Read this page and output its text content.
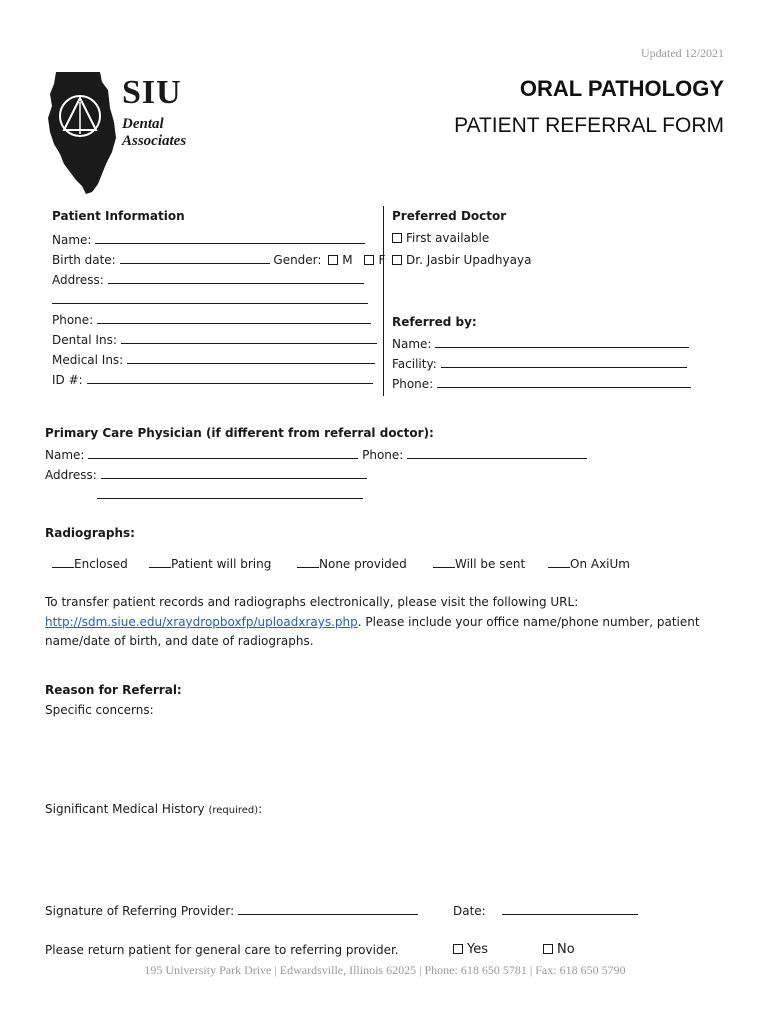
Updated 12/2021
ORAL PATHOLOGY
PATIENT REFERRAL FORM
SIU
Dental
Associates
Patient Information
Name:
Birth date:	Gender: M F
Address:
Phone:
Dental Ins:
Medical Ins:
ID #:
Preferred Doctor
First available
Dr. Jasbir Upadhyaya
Referred by:
Name:
Facility:
Phone:
Primary Care Physician (if different from referral doctor):
Name:	Phone:
Address:
Radiographs:
Enclosed	Patient will bring	None provided	Will be sent	On AxiUm
To transfer patient records and radiographs electronically, please visit the following URL:
http://sdm.siue.edu/xraydropboxfp/uploadxrays.php. Please include your office name/phone number, patient
name/date of birth, and date of radiographs.
Reason for Referral:
Specific concerns:
Significant Medical History (required):
Signature of Referring Provider:	Date:
Please return patient for general care to referring provider.	Yes	No
195 University Park Drive | Edwardsville, Illinois 62025 | Phone: 618 650 5781 | Fax: 618 650 5790
